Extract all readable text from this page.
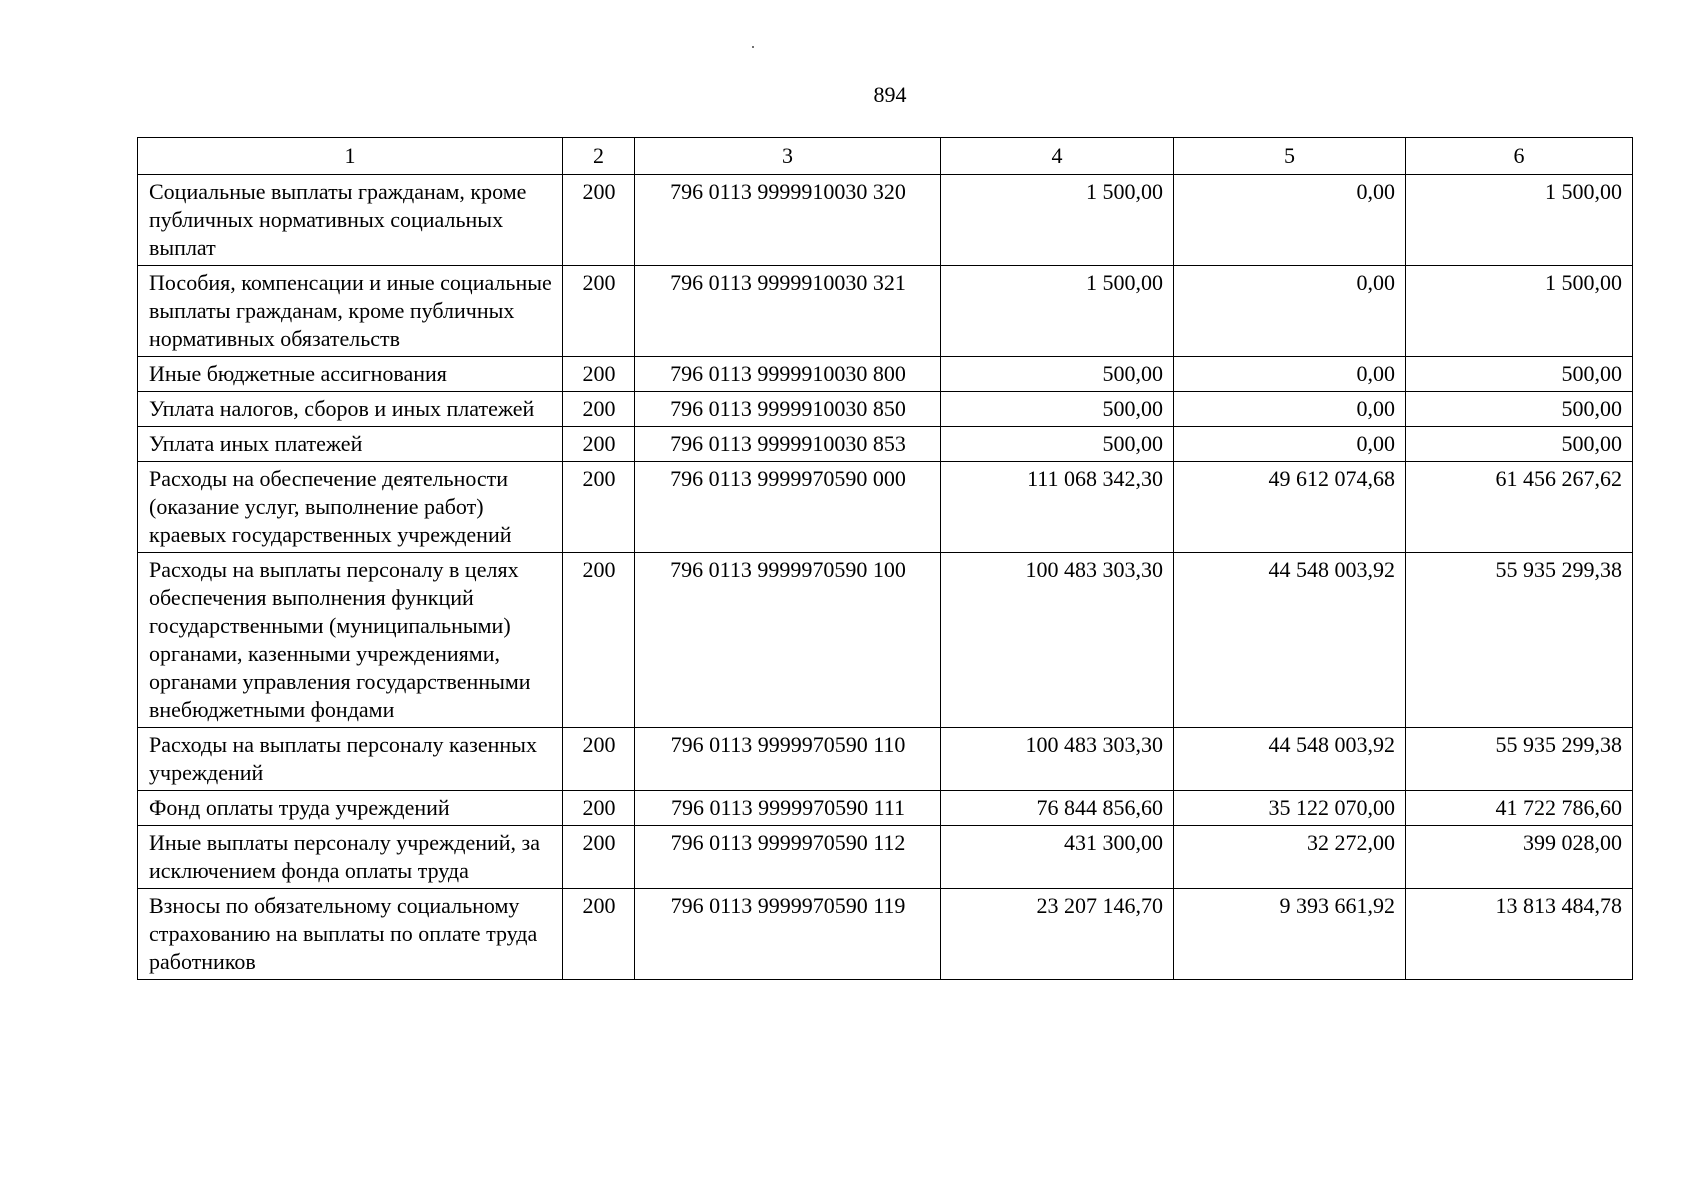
894
1	2	3	4	5	6
Социальные выплаты гражданам, кроме публичных нормативных социальных выплат	200	796 0113 9999910030 320	1 500,00	0,00	1 500,00
Пособия, компенсации и иные социальные выплаты гражданам, кроме публичных нормативных обязательств	200	796 0113 9999910030 321	1 500,00	0,00	1 500,00
Иные бюджетные ассигнования	200	796 0113 9999910030 800	500,00	0,00	500,00
Уплата налогов, сборов и иных платежей	200	796 0113 9999910030 850	500,00	0,00	500,00
Уплата иных платежей	200	796 0113 9999910030 853	500,00	0,00	500,00
Расходы на обеспечение деятельности (оказание услуг, выполнение работ) краевых государственных учреждений	200	796 0113 9999970590 000	111 068 342,30	49 612 074,68	61 456 267,62
Расходы на выплаты персоналу в целях обеспечения выполнения функций государственными (муниципальными) органами, казенными учреждениями, органами управления государственными внебюджетными фондами	200	796 0113 9999970590 100	100 483 303,30	44 548 003,92	55 935 299,38
Расходы на выплаты персоналу казенных учреждений	200	796 0113 9999970590 110	100 483 303,30	44 548 003,92	55 935 299,38
Фонд оплаты труда учреждений	200	796 0113 9999970590 111	76 844 856,60	35 122 070,00	41 722 786,60
Иные выплаты персоналу учреждений, за исключением фонда оплаты труда	200	796 0113 9999970590 112	431 300,00	32 272,00	399 028,00
Взносы по обязательному социальному страхованию на выплаты по оплате труда работников	200	796 0113 9999970590 119	23 207 146,70	9 393 661,92	13 813 484,78
